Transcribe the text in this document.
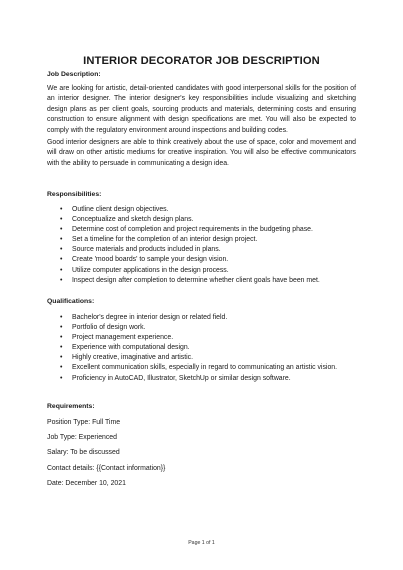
INTERIOR DECORATOR JOB DESCRIPTION
Job Description:
We are looking for artistic, detail-oriented candidates with good interpersonal skills for the position of an interior designer. The interior designer's key responsibilities include visualizing and sketching design plans as per client goals, sourcing products and materials, determining costs and ensuring construction to ensure alignment with design specifications are met. You will also be expected to comply with the regulatory environment around inspections and building codes.
Good interior designers are able to think creatively about the use of space, color and movement and will draw on other artistic mediums for creative inspiration. You will also be effective communicators with the ability to persuade in communicating a design idea.
Responsibilities:
• Outline client design objectives.
• Conceptualize and sketch design plans.
• Determine cost of completion and project requirements in the budgeting phase.
• Set a timeline for the completion of an interior design project.
• Source materials and products included in plans.
• Create 'mood boards' to sample your design vision.
• Utilize computer applications in the design process.
• Inspect design after completion to determine whether client goals have been met.
Qualifications:
• Bachelor's degree in interior design or related field.
• Portfolio of design work.
• Project management experience.
• Experience with computational design.
• Highly creative, imaginative and artistic.
• Excellent communication skills, especially in regard to communicating an artistic vision.
• Proficiency in AutoCAD, Illustrator, SketchUp or similar design software.
Requirements:
Position Type: Full Time
Job Type: Experienced
Salary: To be discussed
Contact details: {{Contact information}}
Date: December 10, 2021
Page 1 of 1
